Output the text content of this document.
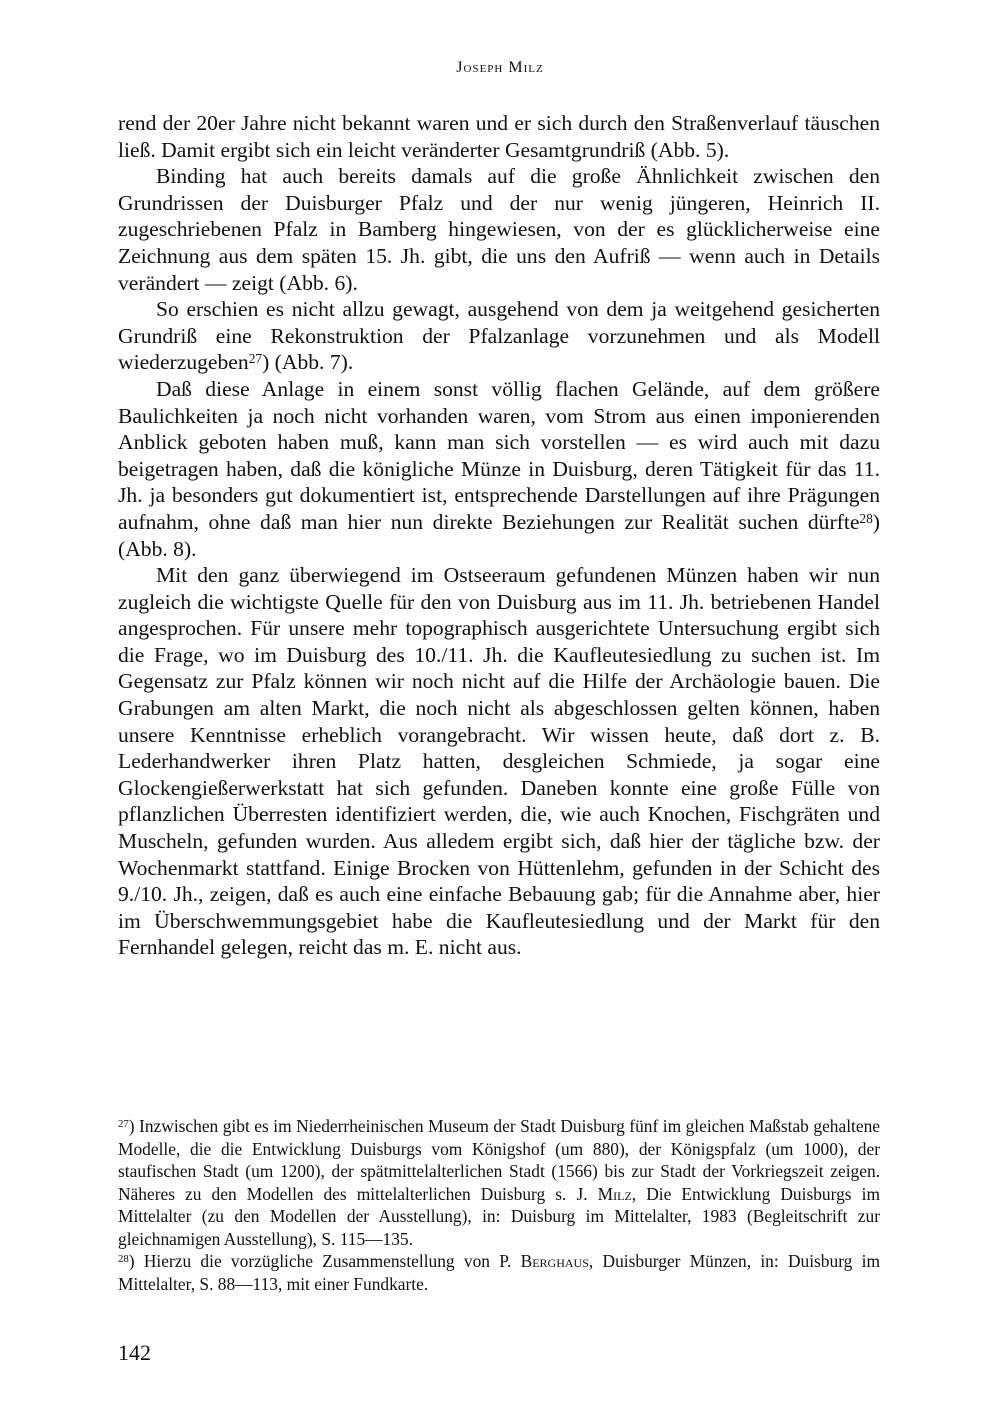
Joseph Milz

rend der 20er Jahre nicht bekannt waren und er sich durch den Straßenverlauf täuschen ließ. Damit ergibt sich ein leicht veränderter Gesamtgrundriß (Abb. 5).

Binding hat auch bereits damals auf die große Ähnlichkeit zwischen den Grundrissen der Duisburger Pfalz und der nur wenig jüngeren, Heinrich II. zugeschriebenen Pfalz in Bamberg hingewiesen, von der es glücklicherweise eine Zeichnung aus dem späten 15. Jh. gibt, die uns den Aufriß — wenn auch in Details verändert — zeigt (Abb. 6).

So erschien es nicht allzu gewagt, ausgehend von dem ja weitgehend gesicherten Grundriß eine Rekonstruktion der Pfalzanlage vorzunehmen und als Modell wiederzugeben$^{27}$) (Abb. 7).

Daß diese Anlage in einem sonst völlig flachen Gelände, auf dem größere Baulichkeiten ja noch nicht vorhanden waren, vom Strom aus einen imponierenden Anblick geboten haben muß, kann man sich vorstellen — es wird auch mit dazu beigetragen haben, daß die königliche Münze in Duisburg, deren Tätigkeit für das 11. Jh. ja besonders gut dokumentiert ist, entsprechende Darstellungen auf ihre Prägungen aufnahm, ohne daß man hier nun direkte Beziehungen zur Realität suchen dürfte$^{28}$) (Abb. 8).

Mit den ganz überwiegend im Ostseeraum gefundenen Münzen haben wir nun zugleich die wichtigste Quelle für den von Duisburg aus im 11. Jh. betriebenen Handel angesprochen. Für unsere mehr topographisch ausgerichtete Untersuchung ergibt sich die Frage, wo im Duisburg des 10./11. Jh. die Kaufleutesiedlung zu suchen ist. Im Gegensatz zur Pfalz können wir noch nicht auf die Hilfe der Archäologie bauen. Die Grabungen am alten Markt, die noch nicht als abgeschlossen gelten können, haben unsere Kenntnisse erheblich vorangebracht. Wir wissen heute, daß dort z. B. Lederhandwerker ihren Platz hatten, desgleichen Schmiede, ja sogar eine Glockengießerwerkstatt hat sich gefunden. Daneben konnte eine große Fülle von pflanzlichen Überresten identifiziert werden, die, wie auch Knochen, Fischgräten und Muscheln, gefunden wurden. Aus alledem ergibt sich, daß hier der tägliche bzw. der Wochenmarkt stattfand. Einige Brocken von Hüttenlehm, gefunden in der Schicht des 9./10. Jh., zeigen, daß es auch eine einfache Bebauung gab; für die Annahme aber, hier im Überschwemmungsgebiet habe die Kaufleutesiedlung und der Markt für den Fernhandel gelegen, reicht das m. E. nicht aus.

$^{27}$) Inzwischen gibt es im Niederrheinischen Museum der Stadt Duisburg fünf im gleichen Maßstab gehaltene Modelle, die die Entwicklung Duisburgs vom Königshof (um 880), der Königspfalz (um 1000), der staufischen Stadt (um 1200), der spätmittelalterlichen Stadt (1566) bis zur Stadt der Vorkriegszeit zeigen. Näheres zu den Modellen des mittelalterlichen Duisburg s. J. Milz, Die Entwicklung Duisburgs im Mittelalter (zu den Modellen der Ausstellung), in: Duisburg im Mittelalter, 1983 (Begleitschrift zur gleichnamigen Ausstellung), S. 115—135.

$^{28}$) Hierzu die vorzügliche Zusammenstellung von P. Berghaus, Duisburger Münzen, in: Duisburg im Mittelalter, S. 88—113, mit einer Fundkarte.

142
